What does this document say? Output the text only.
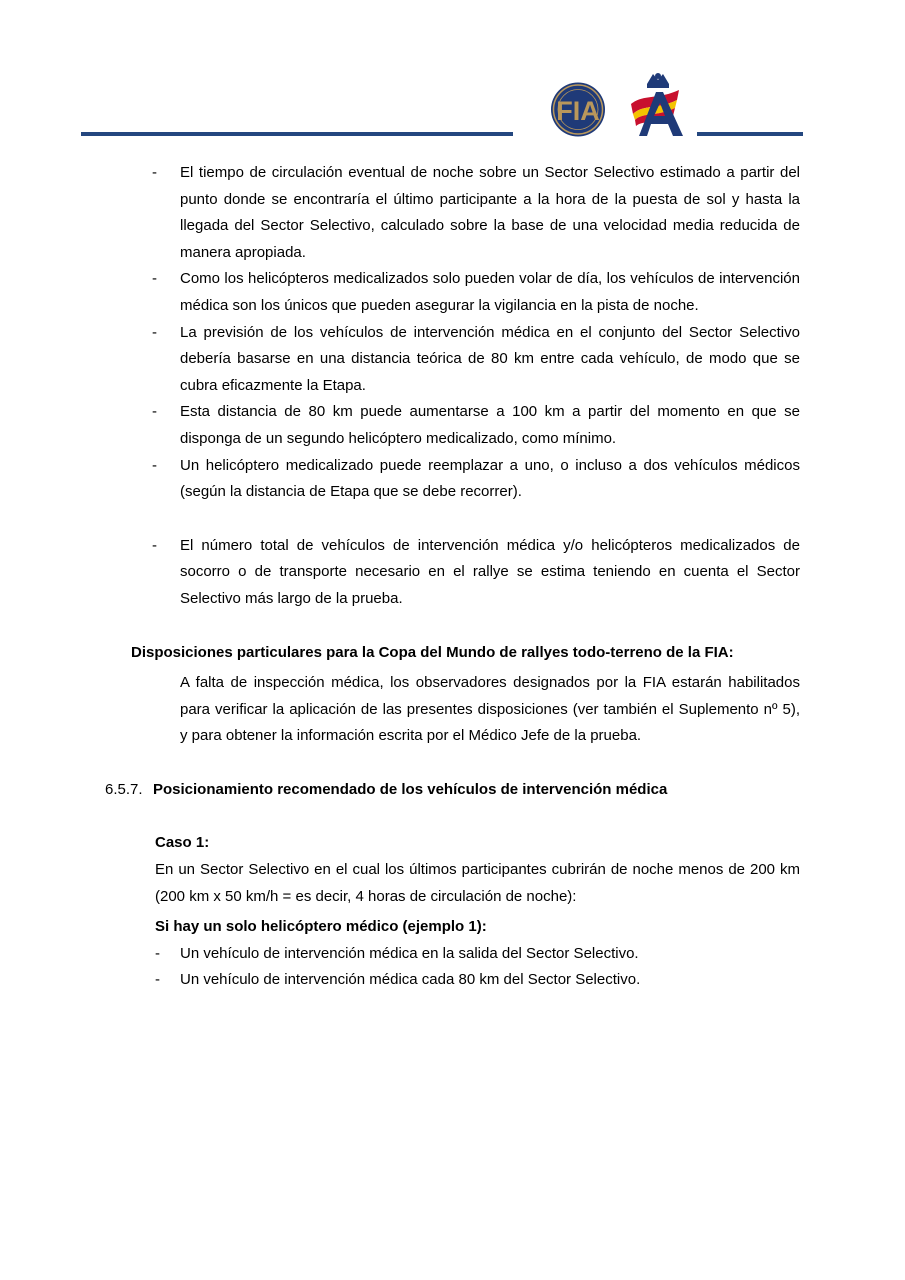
FIA
- El tiempo de circulación eventual de noche sobre un Sector Selectivo estimado a partir del punto donde se encontraría el último participante a la hora de la puesta de sol y hasta la llegada del Sector Selectivo, calculado sobre la base de una velocidad media reducida de manera apropiada.
- Como los helicópteros medicalizados solo pueden volar de día, los vehículos de intervención médica son los únicos que pueden asegurar la vigilancia en la pista de noche.
- La previsión de los vehículos de intervención médica en el conjunto del Sector Selectivo debería basarse en una distancia teórica de 80 km entre cada vehículo, de modo que se cubra eficazmente la Etapa.
- Esta distancia de 80 km puede aumentarse a 100 km a partir del momento en que se disponga de un segundo helicóptero medicalizado, como mínimo.
- Un helicóptero medicalizado puede reemplazar a uno, o incluso a dos vehículos médicos (según la distancia de Etapa que se debe recorrer).
- El número total de vehículos de intervención médica y/o helicópteros medicalizados de socorro o de transporte necesario en el rallye se estima teniendo en cuenta el Sector Selectivo más largo de la prueba.
Disposiciones particulares para la Copa del Mundo de rallyes todo-terreno de la FIA:
A falta de inspección médica, los observadores designados por la FIA estarán habilitados para verificar la aplicación de las presentes disposiciones (ver también el Suplemento nº 5), y para obtener la información escrita por el Médico Jefe de la prueba.
6.5.7. Posicionamiento recomendado de los vehículos de intervención médica
Caso 1:
En un Sector Selectivo en el cual los últimos participantes cubrirán de noche menos de 200 km (200 km x 50 km/h = es decir, 4 horas de circulación de noche):
Si hay un solo helicóptero médico (ejemplo 1):
- Un vehículo de intervención médica en la salida del Sector Selectivo.
- Un vehículo de intervención médica cada 80 km del Sector Selectivo.
